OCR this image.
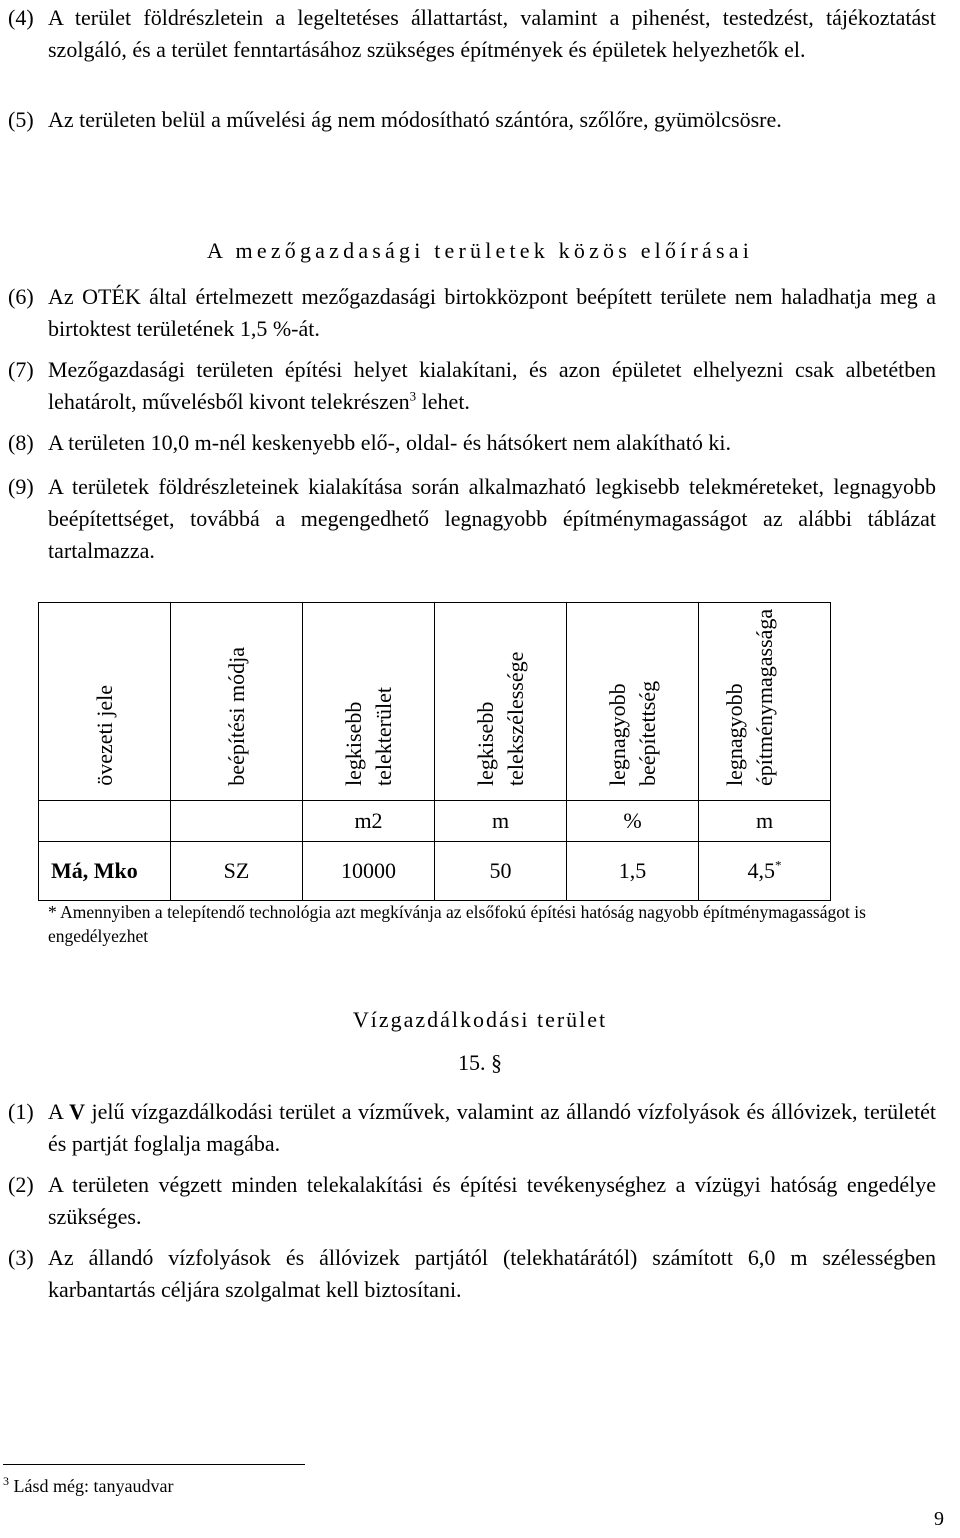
(4) A terület földrészletein a legeltetéses állattartást, valamint a pihenést, testedzést, tájékoztatást szolgáló, és a terület fenntartásához szükséges építmények és épületek helyezhetők el.
(5) Az területen belül a művelési ág nem módosítható szántóra, szőlőre, gyümölcsösre.
A mezőgazdasági területek közös előírásai
(6) Az OTÉK által értelmezett mezőgazdasági birtokközpont beépített területe nem haladhatja meg a birtoktest területének 1,5 %-át.
(7) Mezőgazdasági területen építési helyet kialakítani, és azon épületet elhelyezni csak albetétben lehatárolt, művelésből kivont telekrészen$^3$ lehet.
(8) A területen 10,0 m-nél keskenyebb elő-, oldal- és hátsókert nem alakítható ki.
(9) A területek földrészleteinek kialakítása során alkalmazható legkisebb telekméreteket, legnagyobb beépítettséget, továbbá a megengedhető legnagyobb építménymagasságot az alábbi táblázat tartalmazza.
övezeti jele	beépítési módja	legkisebb telekterület	legkisebb telekszélessége	legnagyobb beépítettség	legnagyobb építménymagassága

		m2	m	%	m
Má, Mko	SZ	10000	50	1,5	4,5*
* Amennyiben a telepítendő technológia azt megkívánja az elsőfokú építési hatóság nagyobb építménymagasságot is engedélyezhet
Vízgazdálkodási terület
15. §
(1) A V jelű vízgazdálkodási terület a vízművek, valamint az állandó vízfolyások és állóvizek, területét és partját foglalja magába.
(2) A területen végzett minden telekalakítási és építési tevékenységhez a vízügyi hatóság engedélye szükséges.
(3) Az állandó vízfolyások és állóvizek partjától (telekhatárától) számított 6,0 m szélességben karbantartás céljára szolgalmat kell biztosítani.
$^3$ Lásd még: tanyaudvar
9
